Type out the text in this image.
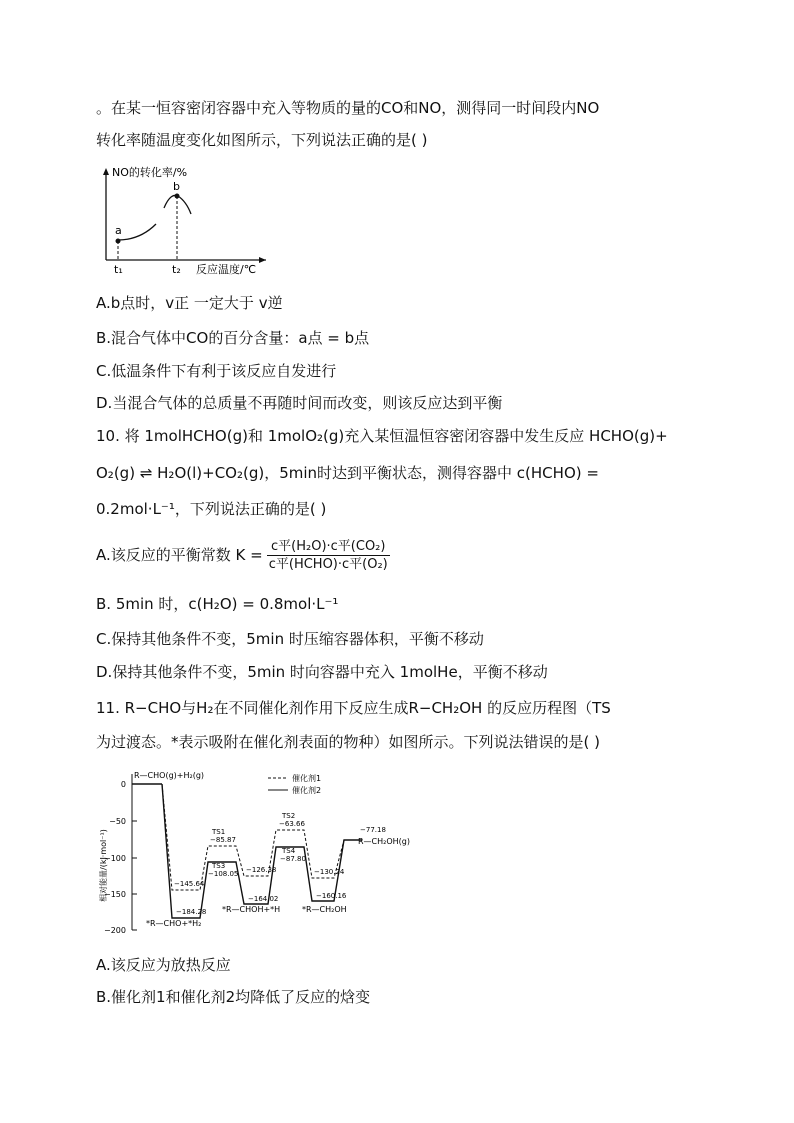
。在某一恒容密闭容器中充入等物质的量的CO和NO，测得同一时间段内NO
转化率随温度变化如图所示，下列说法正确的是( )
NO的转化率/%
a
b
t₁	t₂ 反应温度/℃
A.b点时，v正 一定大于 v逆
B.混合气体中CO的百分含量：a点 = b点
C.低温条件下有利于该反应自发进行
D.当混合气体的总质量不再随时间而改变，则该反应达到平衡
10. 将 1molHCHO(g)和 1molO₂(g)充入某恒温恒容密闭容器中发生反应 HCHO(g)+
O₂(g) ⇌ H₂O(l)+CO₂(g)，5min时达到平衡状态，测得容器中 c(HCHO) =
0.2mol·L⁻¹，下列说法正确的是( )
A.该反应的平衡常数 $K = \frac{\text{c平(H₂O)·c平(CO₂)}}{\text{c平(HCHO)·c平(O₂)}}$
B. 5min 时，c(H₂O) = 0.8mol·L⁻¹
C.保持其他条件不变，5min 时压缩容器体积，平衡不移动
D.保持其他条件不变，5min 时向容器中充入 1molHe，平衡不移动
11. R−CHO与H₂在不同催化剂作用下反应生成R−CH₂OH 的反应历程图（TS
为过渡态。*表示吸附在催化剂表面的物种）如图所示。下列说法错误的是( )
0
−50
−100
−150
−200
相对能量/(kJ·mol⁻¹)
催化剂1
催化剂2
R—CHO(g)+H₂(g)
−145.64
−184.28
TS1
−85.87
TS3
−108.05 −126.38
−164.02
TS2
−63.66
TS4
−87.80
−130.24
−160.16
−77.18
R—CH₂OH(g)
*R—CHO+*H₂
*R—CHOH+*H	*R—CH₂OH
A.该反应为放热反应
B.催化剂1和催化剂2均降低了反应的焓变
